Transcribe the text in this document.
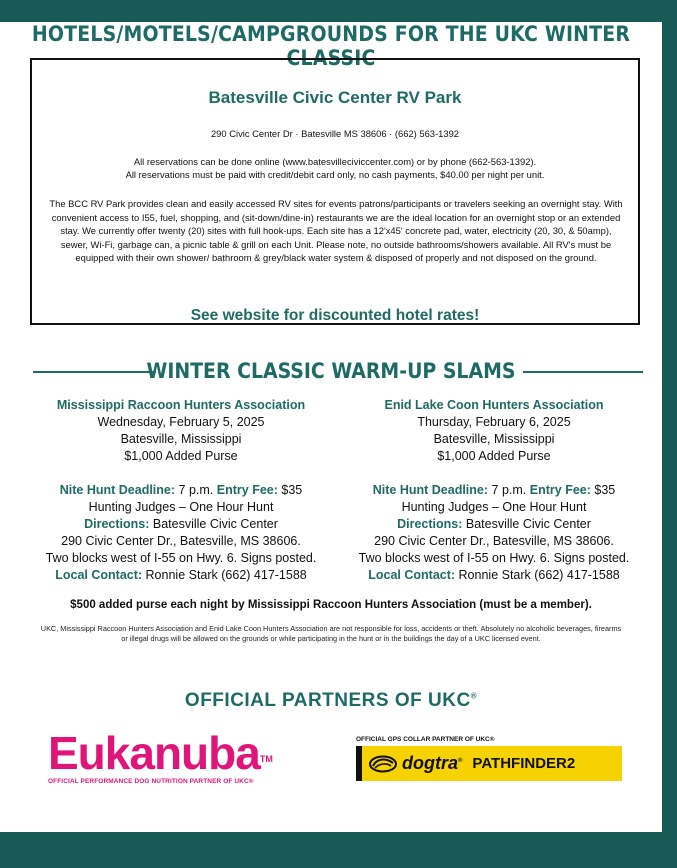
HOTELS/MOTELS/CAMPGROUNDS FOR THE UKC WINTER CLASSIC
Batesville Civic Center RV Park
290 Civic Center Dr · Batesville MS 38606 · (662) 563-1392
All reservations can be done online (www.batesvilleciviccenter.com) or by phone (662-563-1392).
All reservations must be paid with credit/debit card only, no cash payments, $40.00 per night per unit.
The BCC RV Park provides clean and easily accessed RV sites for events patrons/participants or travelers seeking an overnight stay. With convenient access to I55, fuel, shopping, and (sit-down/dine-in) restaurants we are the ideal location for an overnight stop or an extended stay. We currently offer twenty (20) sites with full hook-ups. Each site has a 12'x45' concrete pad, water, electricity (20, 30, & 50amp), sewer, Wi-Fi, garbage can, a picnic table & grill on each Unit. Please note, no outside bathrooms/showers available. All RV's must be equipped with their own shower/ bathroom & grey/black water system & disposed of properly and not disposed on the ground.
See website for discounted hotel rates!
WINTER CLASSIC WARM-UP SLAMS
Mississippi Raccoon Hunters Association
Wednesday, February 5, 2025
Batesville, Mississippi
$1,000 Added Purse
Nite Hunt Deadline: 7 p.m. Entry Fee: $35
Hunting Judges – One Hour Hunt
Directions: Batesville Civic Center
290 Civic Center Dr., Batesville, MS 38606.
Two blocks west of I-55 on Hwy. 6. Signs posted.
Local Contact: Ronnie Stark (662) 417-1588
Enid Lake Coon Hunters Association
Thursday, February 6, 2025
Batesville, Mississippi
$1,000 Added Purse
Nite Hunt Deadline: 7 p.m. Entry Fee: $35
Hunting Judges – One Hour Hunt
Directions: Batesville Civic Center
290 Civic Center Dr., Batesville, MS 38606.
Two blocks west of I-55 on Hwy. 6. Signs posted.
Local Contact: Ronnie Stark (662) 417-1588
$500 added purse each night by Mississippi Raccoon Hunters Association (must be a member).
UKC, Mississippi Raccoon Hunters Association and Enid Lake Coon Hunters Association are not responsible for loss, accidents or theft. Absolutely no alcoholic beverages, firearms or illegal drugs will be allowed on the grounds or while participating in the hunt or in the buildings the day of a UKC licensed event.
OFFICIAL PARTNERS OF UKC®
Eukanuba™
OFFICIAL PERFORMANCE DOG NUTRITION PARTNER OF UKC®
OFFICIAL GPS COLLAR PARTNER OF UKC®
dogtra® PATHFINDER2
